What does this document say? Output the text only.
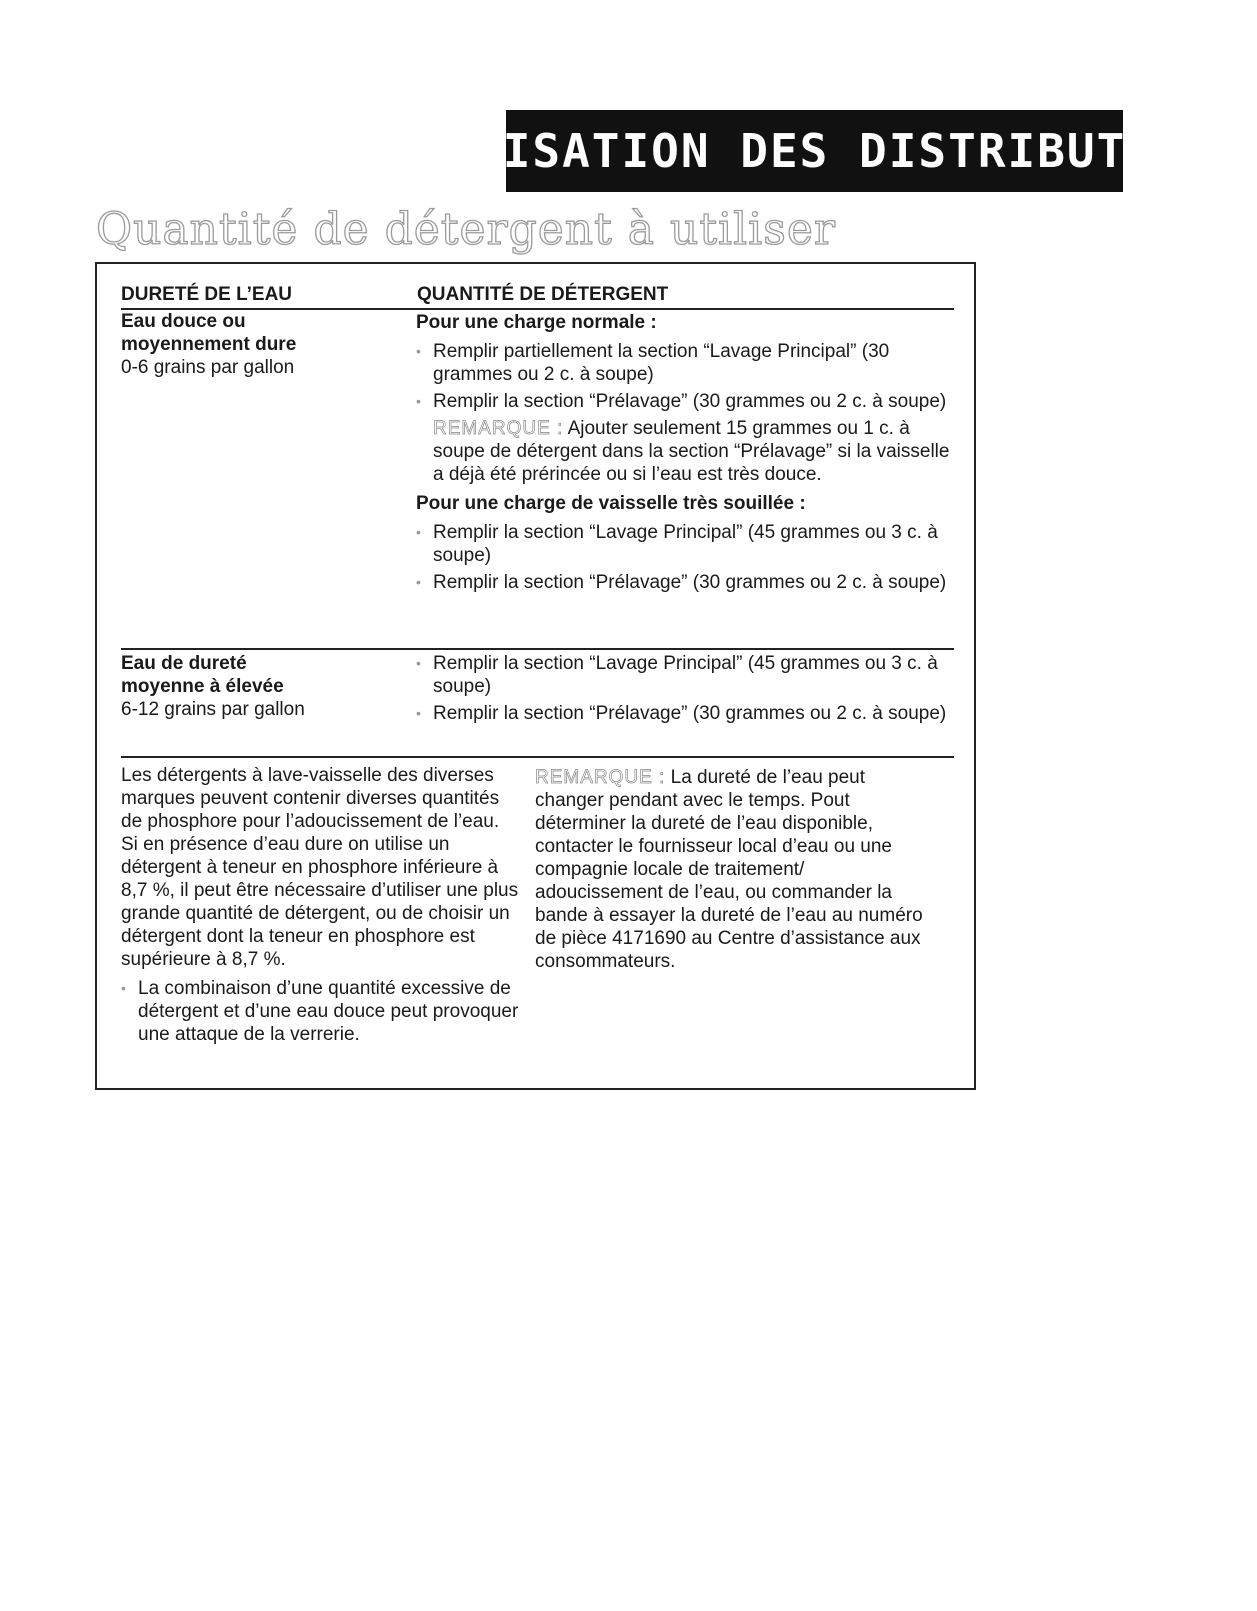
UTILISATION DES DISTRIBUTEURS
Quantité de détergent à utiliser
DURETÉ DE L’EAU	QUANTITÉ DE DÉTERGENT
Eau douce ou
moyennement dure
0-6 grains par gallon
Pour une charge normale :
• Remplir partiellement la section “Lavage Principal” (30 grammes ou 2 c. à soupe)
• Remplir la section “Prélavage” (30 grammes ou 2 c. à soupe)
REMARQUE : Ajouter seulement 15 grammes ou 1 c. à soupe de détergent dans la section “Prélavage” si la vaisselle a déjà été prérincée ou si l’eau est très douce.
Pour une charge de vaisselle très souillée :
• Remplir la section “Lavage Principal” (45 grammes ou 3 c. à soupe)
• Remplir la section “Prélavage” (30 grammes ou 2 c. à soupe)
Eau de dureté
moyenne à élevée
6-12 grains par gallon
• Remplir la section “Lavage Principal” (45 grammes ou 3 c. à soupe)
• Remplir la section “Prélavage” (30 grammes ou 2 c. à soupe)

Les détergents à lave-vaisselle des diverses marques peuvent contenir diverses quantités de phosphore pour l’adoucissement de l’eau. Si en présence d’eau dure on utilise un détergent à teneur en phosphore inférieure à 8,7 %, il peut être nécessaire d’utiliser une plus grande quantité de détergent, ou de choisir un détergent dont la teneur en phosphore est supérieure à 8,7 %.

• La combinaison d’une quantité excessive de détergent et d’une eau douce peut provoquer une attaque de la verrerie.

REMARQUE : La dureté de l’eau peut changer pendant avec le temps. Pout déterminer la dureté de l’eau disponible, contacter le fournisseur local d’eau ou une compagnie locale de traitement/ adoucissement de l’eau, ou commander la bande à essayer la dureté de l’eau au numéro de pièce 4171690 au Centre d’assistance aux consommateurs.
